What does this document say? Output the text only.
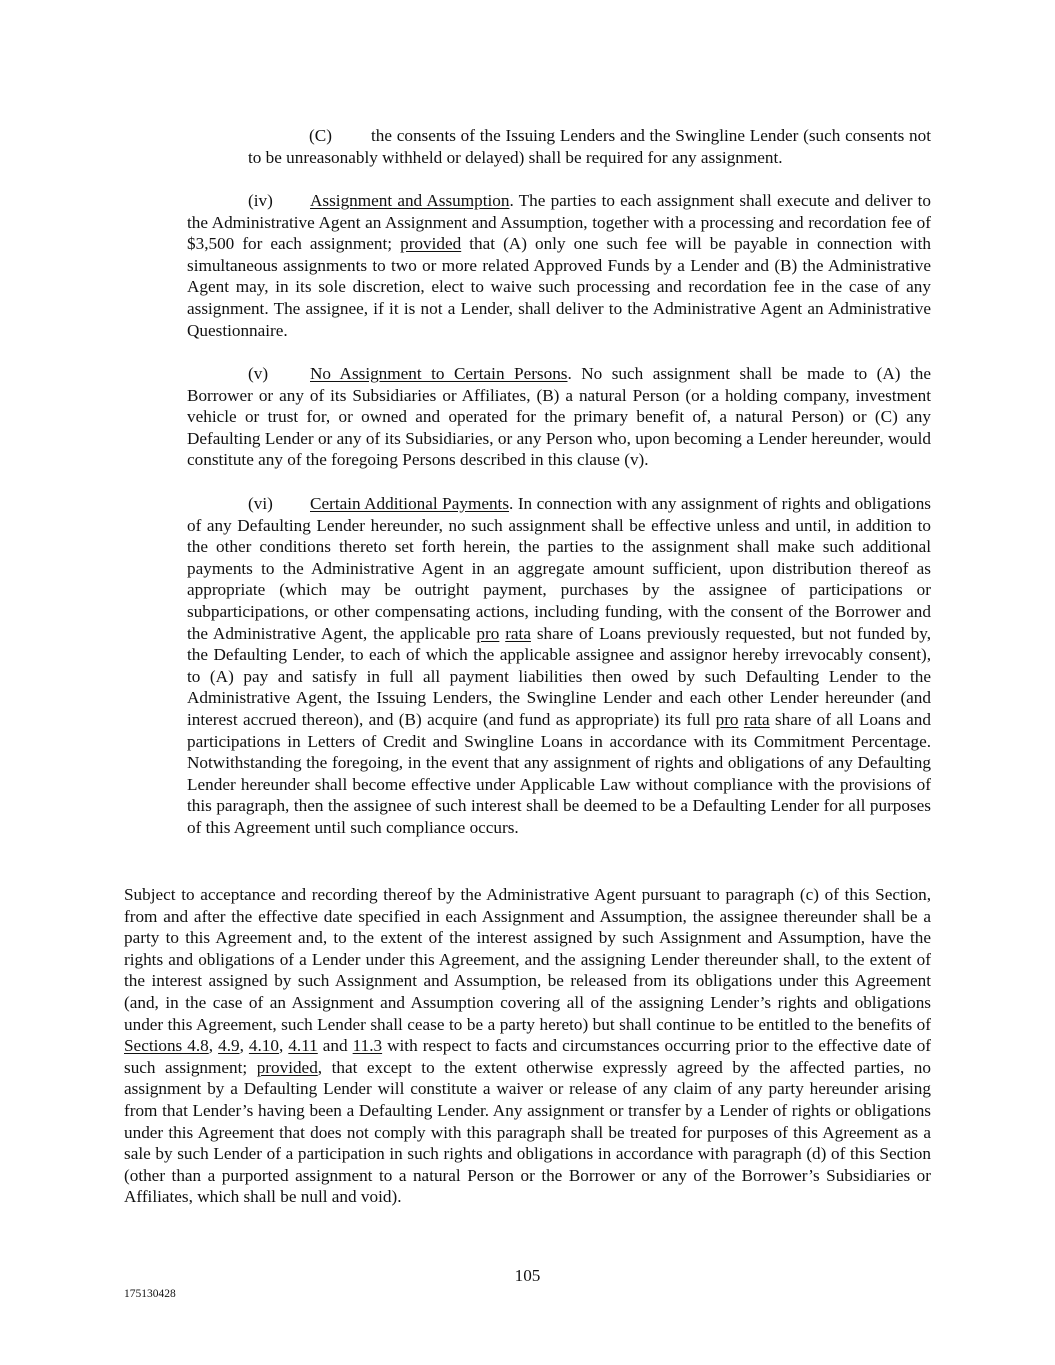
(C) the consents of the Issuing Lenders and the Swingline Lender (such consents not to be unreasonably withheld or delayed) shall be required for any assignment.

(iv) Assignment and Assumption. The parties to each assignment shall execute and deliver to the Administrative Agent an Assignment and Assumption, together with a processing and recordation fee of $3,500 for each assignment; provided that (A) only one such fee will be payable in connection with simultaneous assignments to two or more related Approved Funds by a Lender and (B) the Administrative Agent may, in its sole discretion, elect to waive such processing and recordation fee in the case of any assignment. The assignee, if it is not a Lender, shall deliver to the Administrative Agent an Administrative Questionnaire.

(v) No Assignment to Certain Persons. No such assignment shall be made to (A) the Borrower or any of its Subsidiaries or Affiliates, (B) a natural Person (or a holding company, investment vehicle or trust for, or owned and operated for the primary benefit of, a natural Person) or (C) any Defaulting Lender or any of its Subsidiaries, or any Person who, upon becoming a Lender hereunder, would constitute any of the foregoing Persons described in this clause (v).

(vi) Certain Additional Payments. In connection with any assignment of rights and obligations of any Defaulting Lender hereunder, no such assignment shall be effective unless and until, in addition to the other conditions thereto set forth herein, the parties to the assignment shall make such additional payments to the Administrative Agent in an aggregate amount sufficient, upon distribution thereof as appropriate (which may be outright payment, purchases by the assignee of participations or subparticipations, or other compensating actions, including funding, with the consent of the Borrower and the Administrative Agent, the applicable pro rata share of Loans previously requested, but not funded by, the Defaulting Lender, to each of which the applicable assignee and assignor hereby irrevocably consent), to (A) pay and satisfy in full all payment liabilities then owed by such Defaulting Lender to the Administrative Agent, the Issuing Lenders, the Swingline Lender and each other Lender hereunder (and interest accrued thereon), and (B) acquire (and fund as appropriate) its full pro rata share of all Loans and participations in Letters of Credit and Swingline Loans in accordance with its Commitment Percentage. Notwithstanding the foregoing, in the event that any assignment of rights and obligations of any Defaulting Lender hereunder shall become effective under Applicable Law without compliance with the provisions of this paragraph, then the assignee of such interest shall be deemed to be a Defaulting Lender for all purposes of this Agreement until such compliance occurs.

Subject to acceptance and recording thereof by the Administrative Agent pursuant to paragraph (c) of this Section, from and after the effective date specified in each Assignment and Assumption, the assignee thereunder shall be a party to this Agreement and, to the extent of the interest assigned by such Assignment and Assumption, have the rights and obligations of a Lender under this Agreement, and the assigning Lender thereunder shall, to the extent of the interest assigned by such Assignment and Assumption, be released from its obligations under this Agreement (and, in the case of an Assignment and Assumption covering all of the assigning Lender’s rights and obligations under this Agreement, such Lender shall cease to be a party hereto) but shall continue to be entitled to the benefits of Sections 4.8, 4.9, 4.10, 4.11 and 11.3 with respect to facts and circumstances occurring prior to the effective date of such assignment; provided, that except to the extent otherwise expressly agreed by the affected parties, no assignment by a Defaulting Lender will constitute a waiver or release of any claim of any party hereunder arising from that Lender’s having been a Defaulting Lender. Any assignment or transfer by a Lender of rights or obligations under this Agreement that does not comply with this paragraph shall be treated for purposes of this Agreement as a sale by such Lender of a participation in such rights and obligations in accordance with paragraph (d) of this Section (other than a purported assignment to a natural Person or the Borrower or any of the Borrower’s Subsidiaries or Affiliates, which shall be null and void).

105
175130428
